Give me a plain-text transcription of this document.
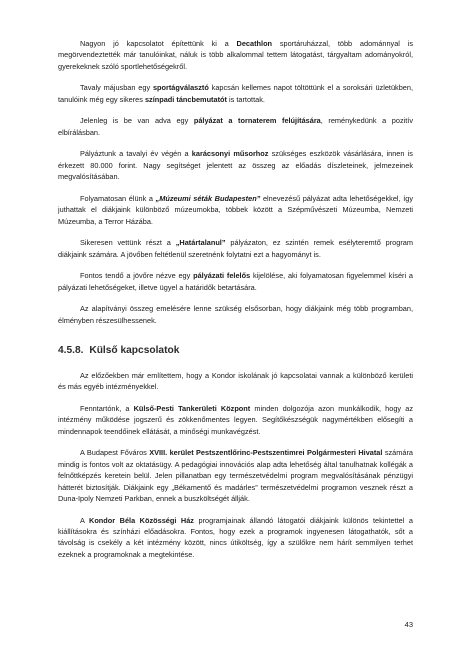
Nagyon jó kapcsolatot építettünk ki a Decathlon sportáruházzal, több adománnyal is megörvendeztették már tanulóinkat, náluk is több alkalommal tettem látogatást, tárgyaltam adományokról, gyerekeknek szóló sportlehetőségekről.

Tavaly májusban egy sportágválasztó kapcsán kellemes napot töltöttünk el a soroksári üzletükben, tanulóink még egy sikeres színpadi táncbemutatót is tartottak.

Jelenleg is be van adva egy pályázat a tornaterem felújítására, reménykedünk a pozitív elbírálásban.

Pályáztunk a tavalyi év végén a karácsonyi műsorhoz szükséges eszközök vásárlására, innen is érkezett 80.000 forint. Nagy segítséget jelentett az összeg az előadás díszleteinek, jelmezeinek megvalósításában.

Folyamatosan élünk a „Múzeumi séták Budapesten” elnevezésű pályázat adta lehetőségekkel, így juthattak el diákjaink különböző múzeumokba, többek között a Szépművészeti Múzeumba, Nemzeti Múzeumba, a Terror Házába.

Sikeresen vettünk részt a „Határtalanul” pályázaton, ez szintén remek esélyteremtő program diákjaink számára. A jövőben feltétlenül szeretnénk folytatni ezt a hagyományt is.

Fontos tendő a jövőre nézve egy pályázati felelős kijelölése, aki folyamatosan figyelemmel kíséri a pályázati lehetőségeket, illetve ügyel a határidők betartására.

Az alapítványi összeg emelésére lenne szükség elsősorban, hogy diákjaink még több programban, élményben részesülhessenek.

4.5.8. Külső kapcsolatok

Az előzőekben már említettem, hogy a Kondor iskolának jó kapcsolatai vannak a különböző kerületi és más egyéb intézményekkel.

Fenntartónk, a Külső-Pesti Tankerületi Központ minden dolgozója azon munkálkodik, hogy az intézmény működése jogszerű és zökkenőmentes legyen. Segítőkészségük nagymértékben elősegíti a mindennapok teendőinek ellátását, a minőségi munkavégzést.

A Budapest Főváros XVIII. kerület Pestszentlőrinc-Pestszentimrei Polgármesteri Hivatal számára mindig is fontos volt az oktatásügy. A pedagógiai innovációs alap adta lehetőség által tanulhatnak kollégák a felnőttképzés keretein belül. Jelen pillanatban egy természetvédelmi program megvalósításának pénzügyi hátterét biztosítják. Diákjaink egy „Békamentő és madárles” természetvédelmi programon vesznek részt a Duna-Ipoly Nemzeti Parkban, ennek a buszköltségét állják.

A Kondor Béla Közösségi Ház programjainak állandó látogatói diákjaink különös tekintettel a kiállításokra és színházi előadásokra. Fontos, hogy ezek a programok ingyenesen látogathatók, sőt a távolság is csekély a két intézmény között, nincs útiköltség, így a szülőkre nem hárít semmilyen terhet ezeknek a programoknak a megtekintése.

43
